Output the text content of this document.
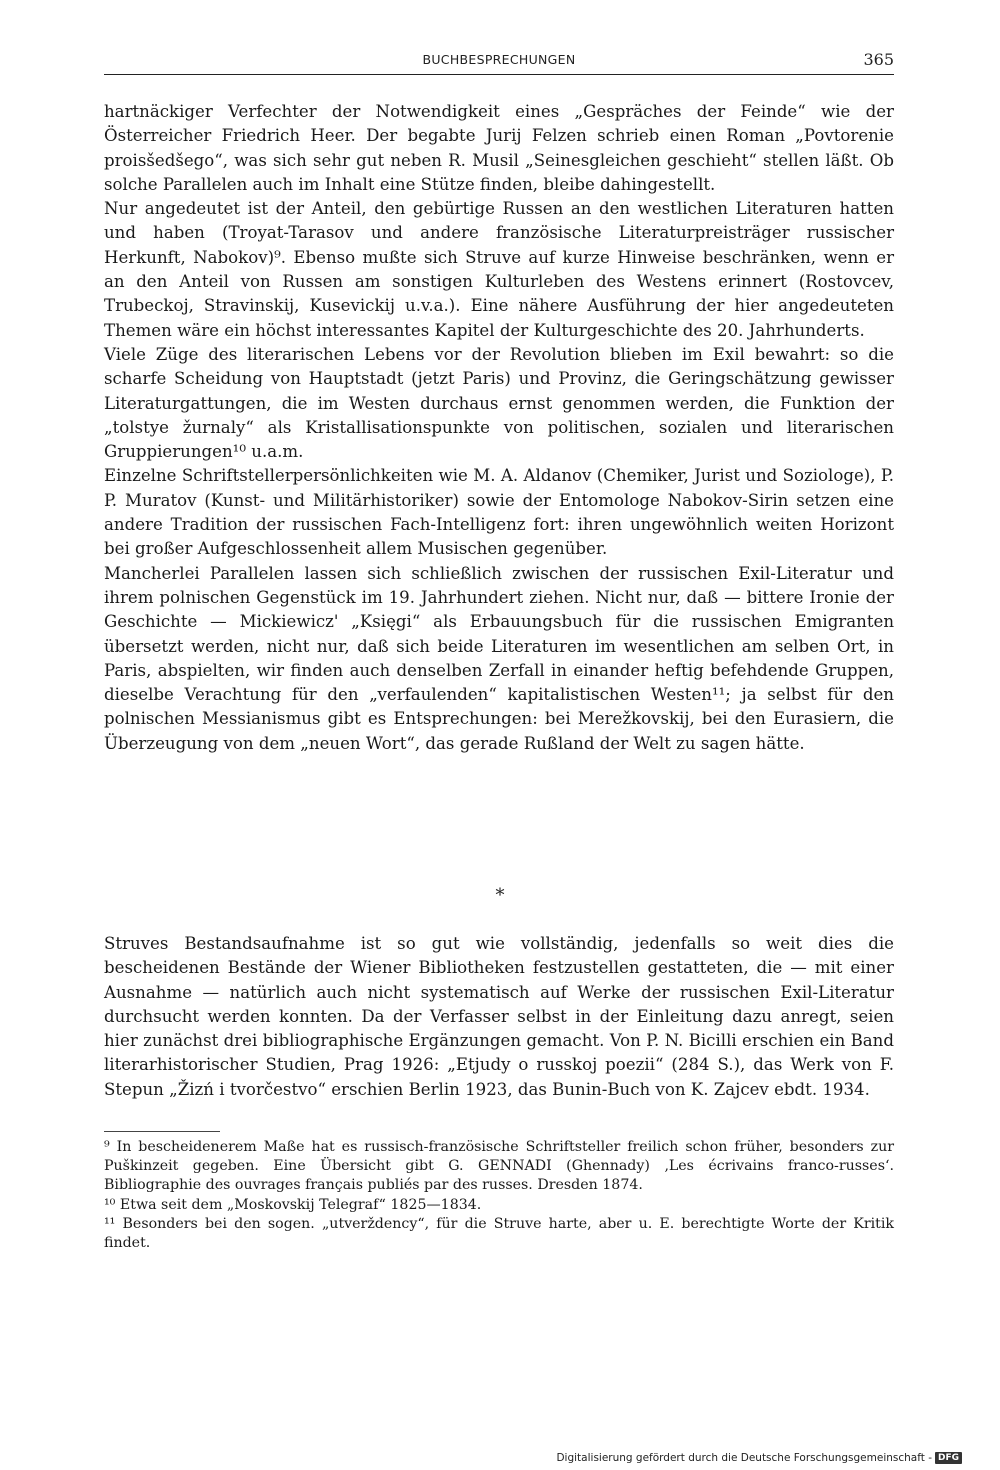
BUCHBESPRECHUNGEN	365

hartnäckiger Verfechter der Notwendigkeit eines „Gespräches der Feinde“ wie der Österreicher Friedrich Heer. Der begabte Jurij Felzen schrieb einen Roman „Povtorenie proisšedšego“, was sich sehr gut neben R. Musil „Seinesgleichen geschieht“ stellen läßt. Ob solche Parallelen auch im Inhalt eine Stütze finden, bleibe dahingestellt.

Nur angedeutet ist der Anteil, den gebürtige Russen an den westlichen Literaturen hatten und haben (Troyat-Tarasov und andere französische Literaturpreisträger russischer Herkunft, Nabokov)⁹. Ebenso mußte sich Struve auf kurze Hinweise beschränken, wenn er an den Anteil von Russen am sonstigen Kulturleben des Westens erinnert (Rostovcev, Trubeckoj, Stravinskij, Kusevickij u.v.a.). Eine nähere Ausführung der hier angedeuteten Themen wäre ein höchst interessantes Kapitel der Kulturgeschichte des 20. Jahrhunderts.

Viele Züge des literarischen Lebens vor der Revolution blieben im Exil bewahrt: so die scharfe Scheidung von Hauptstadt (jetzt Paris) und Provinz, die Geringschätzung gewisser Literaturgattungen, die im Westen durchaus ernst genommen werden, die Funktion der „tolstye žurnaly“ als Kristallisationspunkte von politischen, sozialen und literarischen Gruppierungen¹⁰ u.a.m.

Einzelne Schriftstellerpersönlichkeiten wie M. A. Aldanov (Chemiker, Jurist und Soziologe), P. P. Muratov (Kunst- und Militärhistoriker) sowie der Entomologe Nabokov-Sirin setzen eine andere Tradition der russischen Fach-Intelligenz fort: ihren ungewöhnlich weiten Horizont bei großer Aufgeschlossenheit allem Musischen gegenüber.

Mancherlei Parallelen lassen sich schließlich zwischen der russischen Exil-Literatur und ihrem polnischen Gegenstück im 19. Jahrhundert ziehen. Nicht nur, daß — bittere Ironie der Geschichte — Mickiewicz' „Księgi“ als Erbauungsbuch für die russischen Emigranten übersetzt werden, nicht nur, daß sich beide Literaturen im wesentlichen am selben Ort, in Paris, abspielten, wir finden auch denselben Zerfall in einander heftig befehdende Gruppen, dieselbe Verachtung für den „verfaulenden“ kapitalistischen Westen¹¹; ja selbst für den polnischen Messianismus gibt es Entsprechungen: bei Merežkovskij, bei den Eurasiern, die Überzeugung von dem „neuen Wort“, das gerade Rußland der Welt zu sagen hätte.

*

Struves Bestandsaufnahme ist so gut wie vollständig, jedenfalls so weit dies die bescheidenen Bestände der Wiener Bibliotheken festzustellen gestatteten, die — mit einer Ausnahme — natürlich auch nicht systematisch auf Werke der russischen Exil-Literatur durchsucht werden konnten. Da der Verfasser selbst in der Einleitung dazu anregt, seien hier zunächst drei bibliographische Ergänzungen gemacht. Von P. N. Bicilli erschien ein Band literarhistorischer Studien, Prag 1926: „Etjudy o russkoj poezii“ (284 S.), das Werk von F. Stepun „Žizń i tvorčestvo“ erschien Berlin 1923, das Bunin-Buch von K. Zajcev ebdt. 1934.

⁹ In bescheidenerem Maße hat es russisch-französische Schriftsteller freilich schon früher, besonders zur Puškinzeit gegeben. Eine Übersicht gibt G. GENNADI (Ghennady) ‚Les écrivains franco-russes‘. Bibliographie des ouvrages français publiés par des russes. Dresden 1874.

¹⁰ Etwa seit dem „Moskovskij Telegraf“ 1825—1834.

¹¹ Besonders bei den sogen. „utverždency“, für die Struve harte, aber u. E. berechtigte Worte der Kritik findet.

Digitalisierung gefördert durch die Deutsche Forschungsgemeinschaft - DFG
